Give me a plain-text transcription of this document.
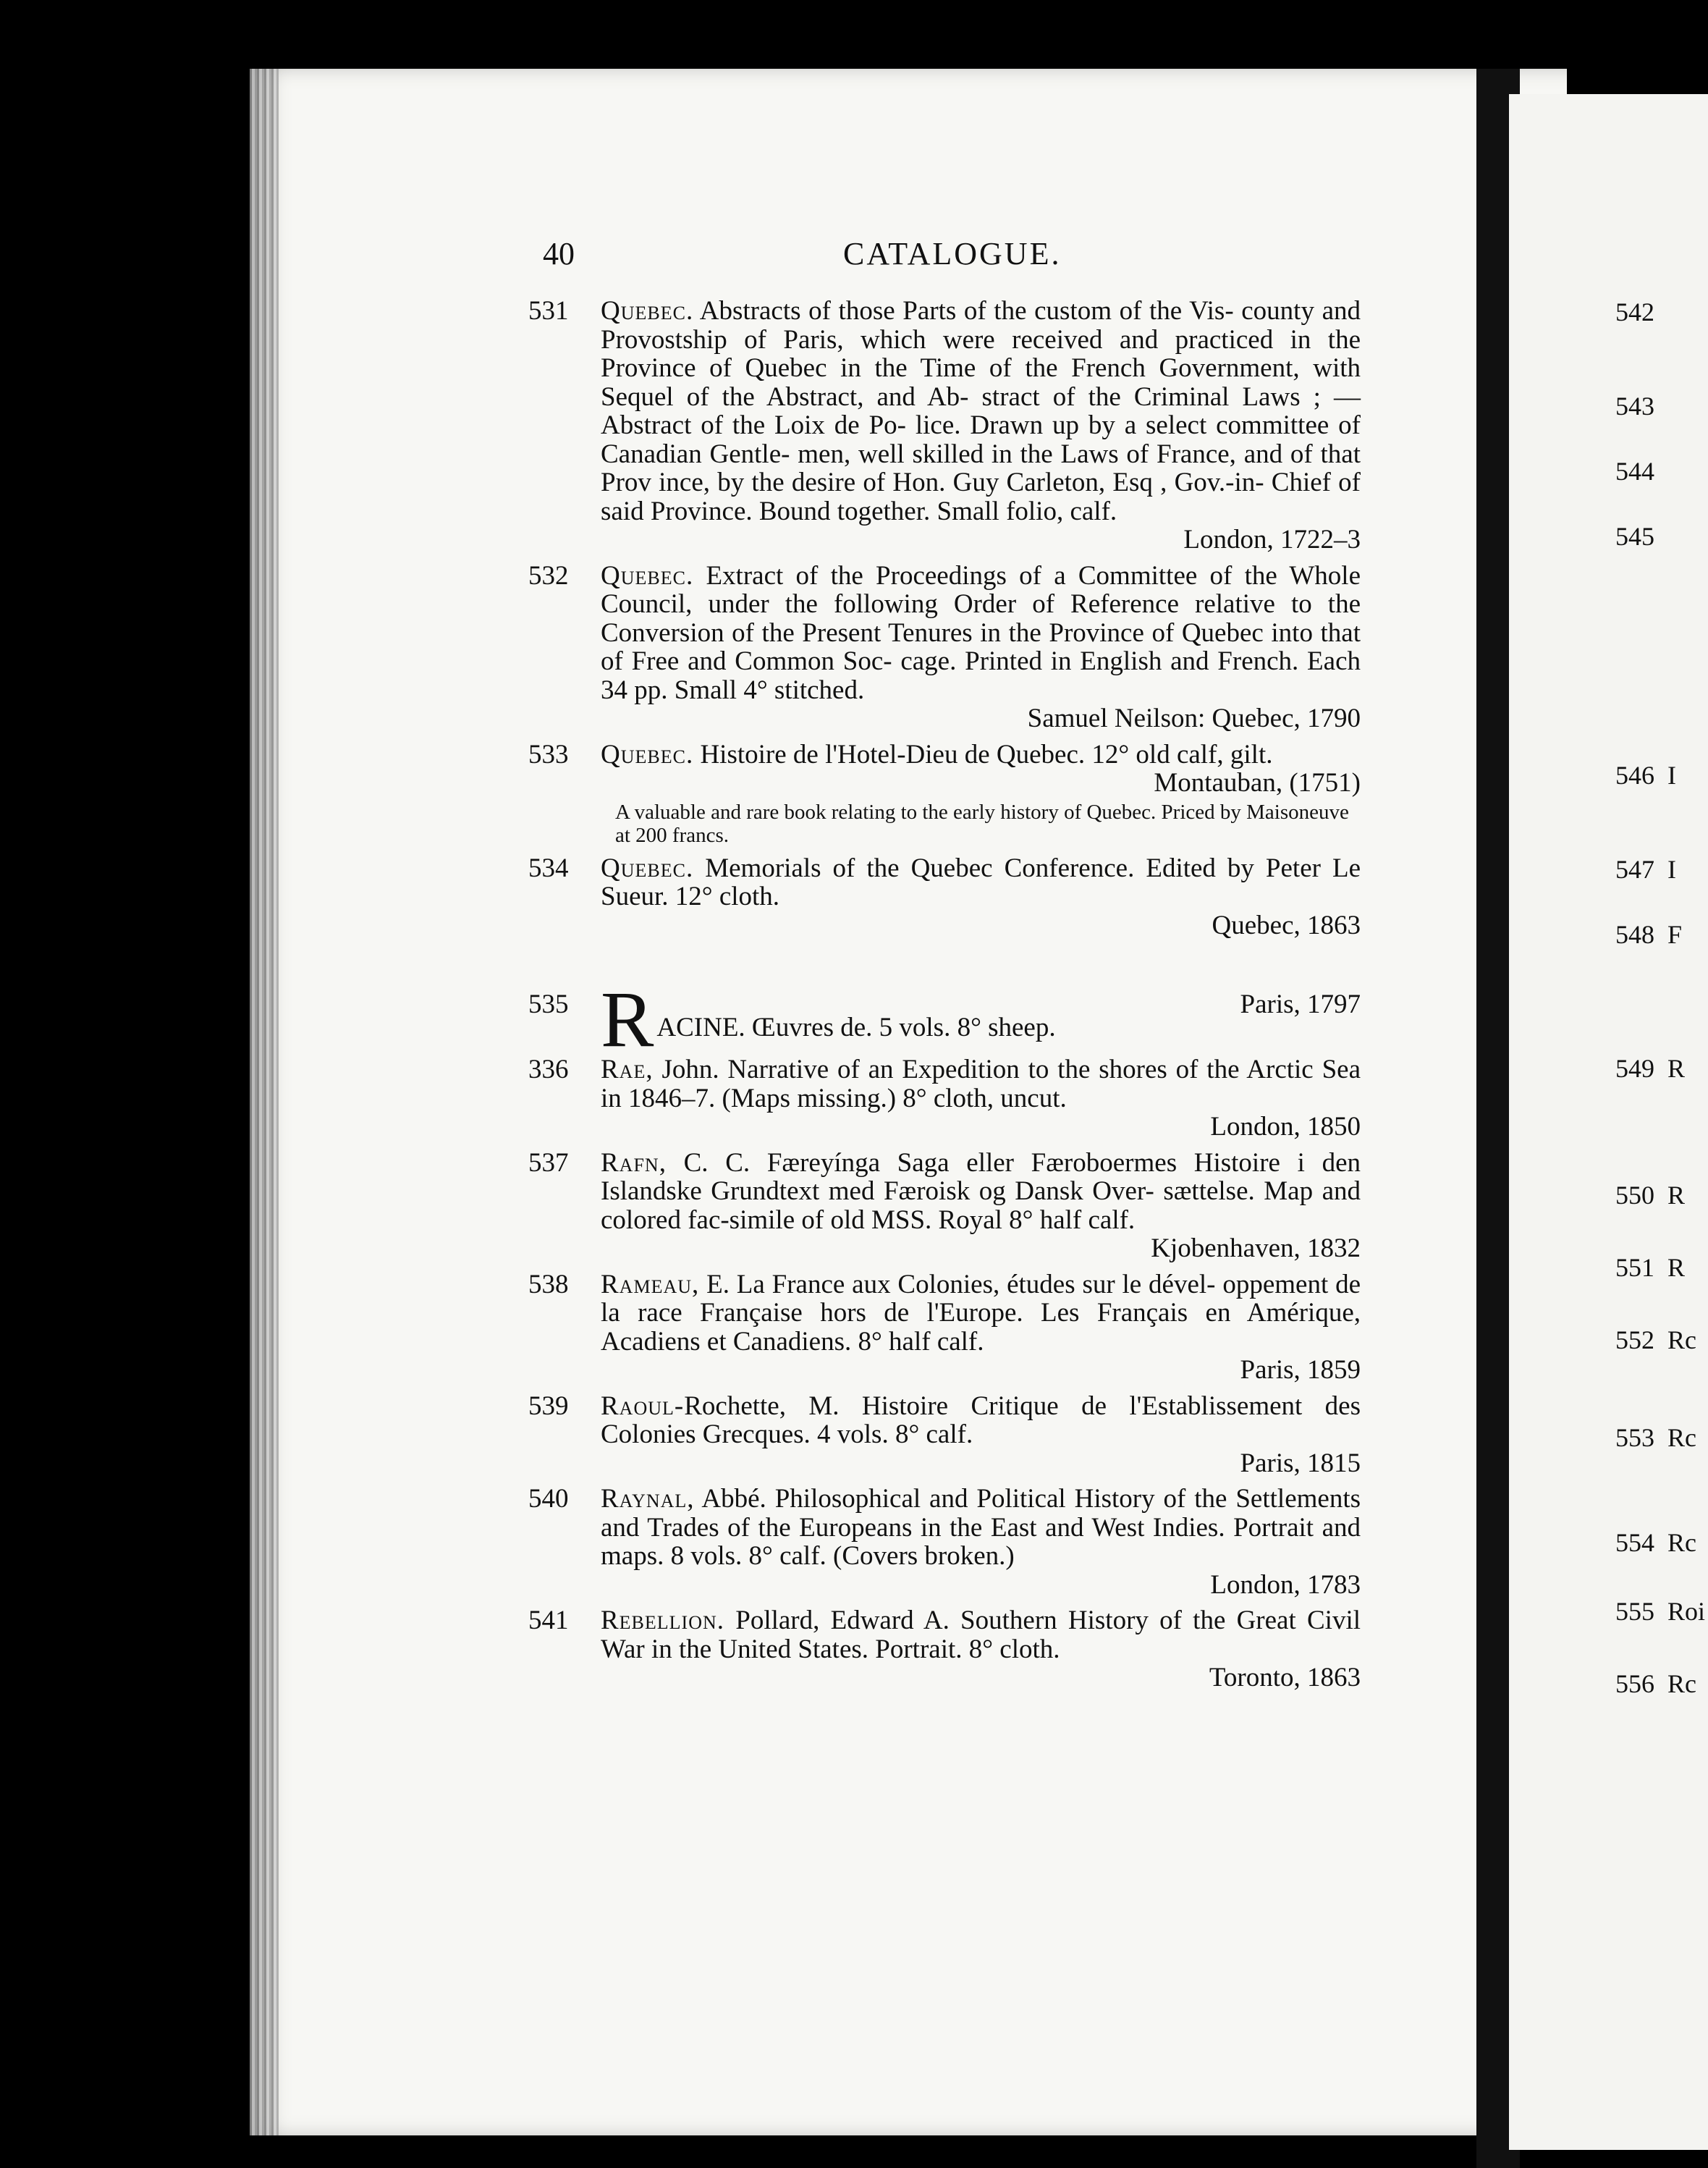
40	CATALOGUE.
531 Quebec. Abstracts of those Parts of the custom of the Vis- county and Provostship of Paris, which were received and practiced in the Province of Quebec in the Time of the French Government, with Sequel of the Abstract, and Ab- stract of the Criminal Laws ; — Abstract of the Loix de Po- lice. Drawn up by a select committee of Canadian Gentle- men, well skilled in the Laws of France, and of that Prov ince, by the desire of Hon. Guy Carleton, Esq , Gov.-in- Chief of said Province. Bound together. Small folio, calf.
London, 1722–3
532 Quebec. Extract of the Proceedings of a Committee of the Whole Council, under the following Order of Reference relative to the Conversion of the Present Tenures in the Province of Quebec into that of Free and Common Soc- cage. Printed in English and French. Each 34 pp. Small 4° stitched.
Samuel Neilson: Quebec, 1790
533 Quebec. Histoire de l'Hotel-Dieu de Quebec. 12° old calf, gilt.
Montauban, (1751)
A valuable and rare book relating to the early history of Quebec. Priced by Maisoneuve at 200 francs.
534 Quebec. Memorials of the Quebec Conference. Edited by Peter Le Sueur. 12° cloth.
Quebec, 1863
535 RACINE. Œuvres de. 5 vols. 8° sheep.
Paris, 1797
336 Rae, John. Narrative of an Expedition to the shores of the Arctic Sea in 1846–7. (Maps missing.) 8° cloth, uncut.
London, 1850
537 Rafn, C. C. Færeyínga Saga eller Færoboermes Histoire i den Islandske Grundtext med Færoisk og Dansk Over- sættelse. Map and colored fac-simile of old MSS. Royal 8° half calf.
Kjobenhaven, 1832
538 Rameau, E. La France aux Colonies, études sur le dével- oppement de la race Française hors de l'Europe. Les Français en Amérique, Acadiens et Canadiens. 8° half calf.
Paris, 1859
539 Raoul-Rochette, M. Histoire Critique de l'Establissement des Colonies Grecques. 4 vols. 8° calf.
Paris, 1815
540 Raynal, Abbé. Philosophical and Political History of the Settlements and Trades of the Europeans in the East and West Indies. Portrait and maps. 8 vols. 8° calf. (Covers broken.)
London, 1783
541 Rebellion. Pollard, Edward A. Southern History of the Great Civil War in the United States. Portrait. 8° cloth.
Toronto, 1863
542
543
544
545
546 I
547 I
548 F
549 R
550 R
551 R
552 Rc
553 Rc
554 Rc
555 Roi
556 Rc
